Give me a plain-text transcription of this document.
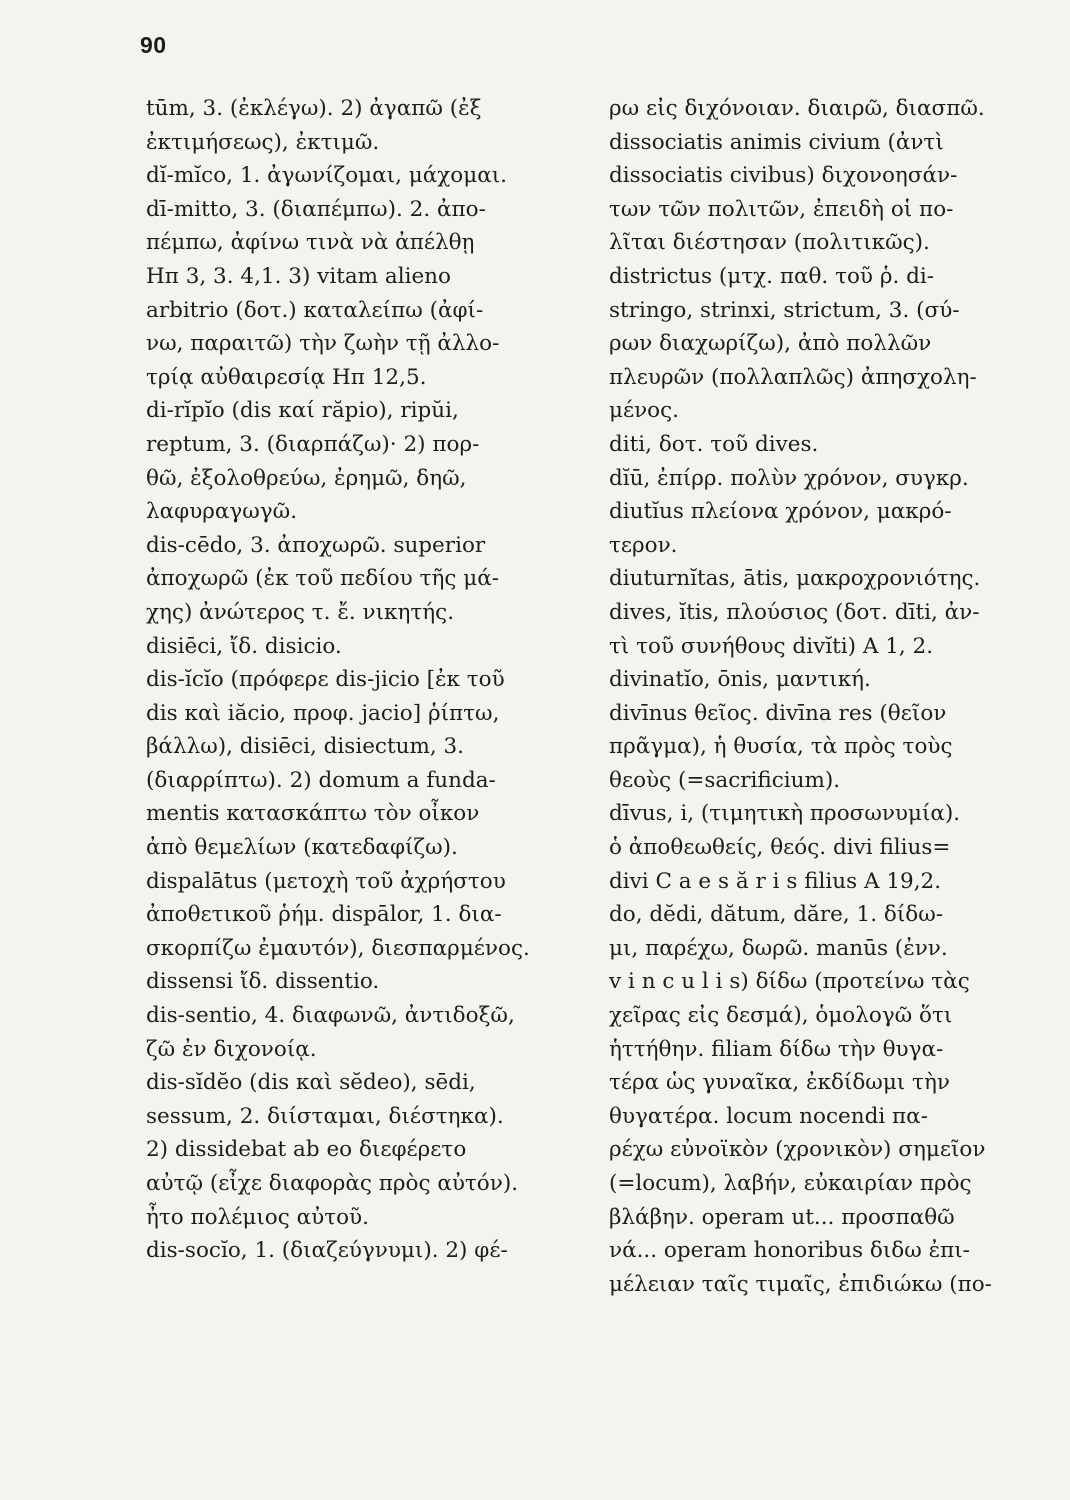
90
tūm, 3. (ἐκλέγω). 2) ἀγαπῶ (ἐξ
ἐκτιμήσεως), ἐκτιμῶ.
dĭ-mĭco, 1. ἀγωνίζομαι, μάχομαι.
dī-mitto, 3. (διαπέμπω). 2. ἀπο-
πέμπω, ἀφίνω τινὰ νὰ ἀπέλθῃ
Ηπ 3, 3. 4,1. 3) vitam alieno
arbitrio (δοτ.) καταλείπω (ἀφί-
νω, παραιτῶ) τὴν ζωὴν τῇ ἀλλο-
τρίᾳ αὐθαιρεσίᾳ Ηπ 12,5.
di-rĭpĭo (dis καί răpio), ripŭi,
reptum, 3. (διαρπάζω)· 2) πορ-
θῶ, ἐξολοθρεύω, ἐρημῶ, δηῶ,
λαφυραγωγῶ.
dis-cēdo, 3. ἀποχωρῶ. superior
ἀποχωρῶ (ἐκ τοῦ πεδίου τῆς μά-
χης) ἀνώτερος τ. ἔ. νικητής.
disiēci, ἴδ. disicio.
dis-ĭcĭo (πρόφερε dis-jicio [ἐκ τοῦ
dis καὶ iăcio, προφ. jacio] ῥίπτω,
βάλλω), disiēci, disiectum, 3.
(διαρρίπτω). 2) domum a funda-
mentis κατασκάπτω τὸν οἶκον
ἀπὸ θεμελίων (κατεδαφίζω).
dispalātus (μετοχὴ τοῦ ἀχρήστου
ἀποθετικοῦ ῥήμ. dispālor, 1. δια-
σκορπίζω ἐμαυτόν), διεσπαρμένος.
dissensi ἴδ. dissentio.
dis-sentio, 4. διαφωνῶ, ἀντιδοξῶ,
ζῶ ἐν διχονοίᾳ.
dis-sĭdĕo (dis καὶ sĕdeo), sēdi,
sessum, 2. διίσταμαι, διέστηκα).
2) dissidebat ab eo διεφέρετο
αὐτῷ (εἶχε διαφορὰς πρὸς αὐτόν).
ἦτο πολέμιος αὐτοῦ.
dis-socĭo, 1. (διαζεύγνυμι). 2) φέ-
ρω εἰς διχόνοιαν. διαιρῶ, διασπῶ.
dissociatis animis civium (ἀντὶ
dissociatis civibus) διχονοησάν-
των τῶν πολιτῶν, ἐπειδὴ οἱ πο-
λῖται διέστησαν (πολιτικῶς).
districtus (μτχ. παθ. τοῦ ῥ. di-
stringo, strinxi, strictum, 3. (σύ-
ρων διαχωρίζω), ἀπὸ πολλῶν
πλευρῶν (πολλαπλῶς) ἀπησχολη-
μένος.
diti, δοτ. τοῦ dives.
dĭū, ἐπίρρ. πολὺν χρόνον, συγκρ.
diutĭus πλείονα χρόνον, μακρό-
τερον.
diuturnĭtas, ātis, μακροχρονιότης.
dives, ĭtis, πλούσιος (δοτ. dīti, ἀν-
τὶ τοῦ συνήθους divĭti) Α 1, 2.
divinatĭo, ōnis, μαντική.
divīnus θεῖος. divīna res (θεῖον
πρᾶγμα), ἡ θυσία, τὰ πρὸς τοὺς
θεοὺς (=sacrificium).
dīvus, i, (τιμητικὴ προσωνυμία).
ὁ ἀποθεωθείς, θεός. divi filius=
divi C a e s ă r i s filius Α 19,2.
do, dĕdi, dătum, dăre, 1. δίδω-
μι, παρέχω, δωρῶ. manūs (ἐνν.
v i n c u l i s) δίδω (προτείνω τὰς
χεῖρας εἰς δεσμά), ὁμολογῶ ὅτι
ἡττήθην. filiam δίδω τὴν θυγα-
τέρα ὡς γυναῖκα, ἐκδίδωμι τὴν
θυγατέρα. locum nocendi πα-
ρέχω εὐνοϊκὸν (χρονικὸν) σημεῖον
(=locum), λαβήν, εὐκαιρίαν πρὸς
βλάβην. operam ut... προσπαθῶ
νά... operam honoribus διδω ἐπι-
μέλειαν ταῖς τιμαῖς, ἐπιδιώκω (πο-
